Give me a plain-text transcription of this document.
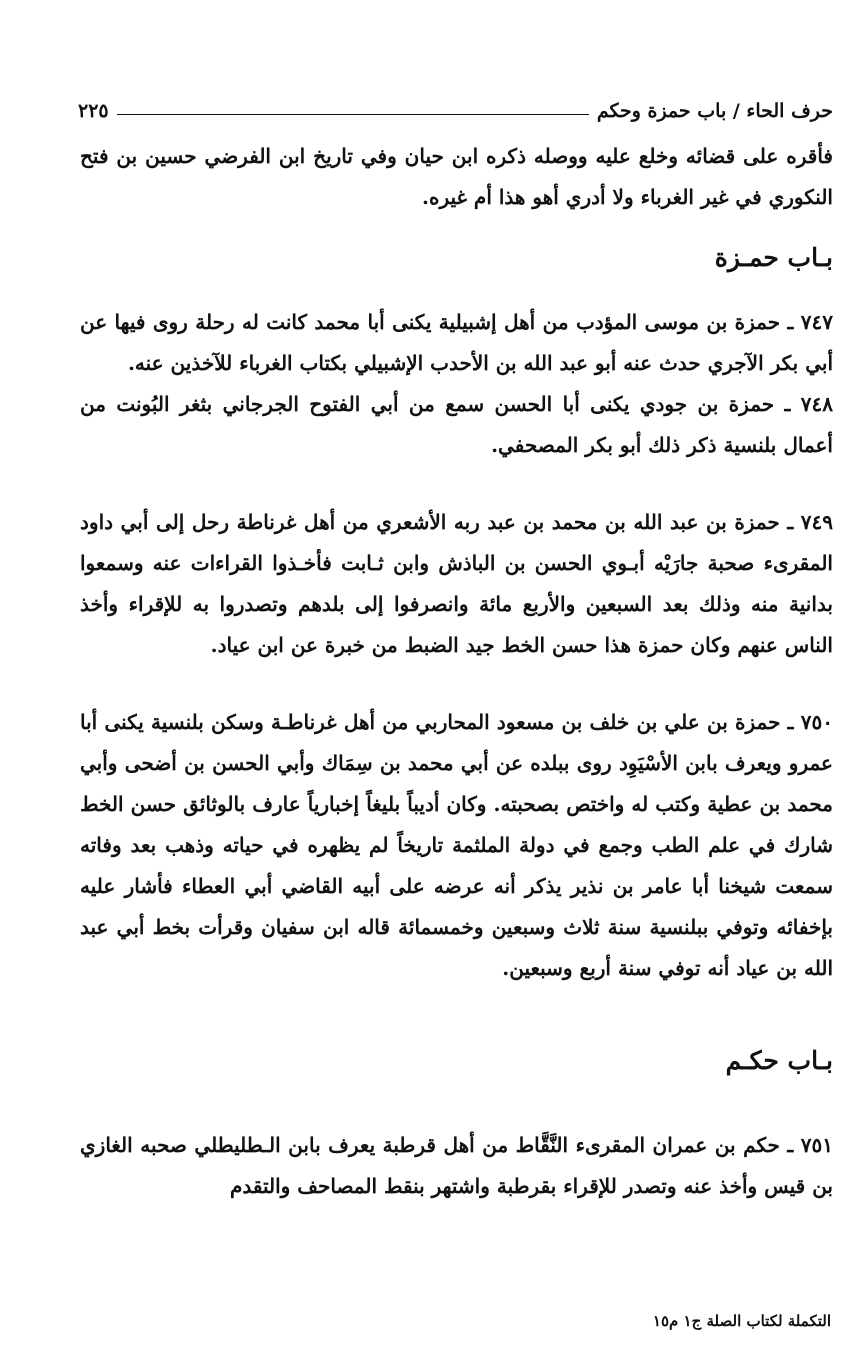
حرف الحاء / باب حمزة وحكم
٢٢٥

فأقره على قضائه وخلع عليه ووصله ذكره ابن حيان وفي تاريخ ابن الفرضي حسين بن فتح النكوري في غير الغرباء ولا أدري أهو هذا أم غيره.

بـاب حمـزة

٧٤٧ ـ حمزة بن موسى المؤدب من أهل إشبيلية يكنى أبا محمد كانت له رحلة روى فيها عن أبي بكر الآجري حدث عنه أبو عبد الله بن الأحدب الإشبيلي بكتاب الغرباء للآخذين عنه.

٧٤٨ ـ حمزة بن جودي يكنى أبا الحسن سمع من أبي الفتوح الجرجاني بثغر البُونت من أعمال بلنسية ذكر ذلك أبو بكر المصحفي.

٧٤٩ ـ حمزة بن عبد الله بن محمد بن عبد ربه الأشعري من أهل غرناطة رحل إلى أبي داود المقرىء صحبة جارَيْه أبـوي الحسن بن الباذش وابن ثـابت فأخـذوا القراءات عنه وسمعوا بدانية منه وذلك بعد السبعين والأربع مائة وانصرفوا إلى بلدهم وتصدروا به للإقراء وأخذ الناس عنهم وكان حمزة هذا حسن الخط جيد الضبط من خبرة عن ابن عياد.

٧٥٠ ـ حمزة بن علي بن خلف بن مسعود المحاربي من أهل غرناطـة وسكن بلنسية يكنى أبا عمرو ويعرف بابن الأسْيَوِد روى ببلده عن أبي محمد بن سِمَاك وأبي الحسن بن أضحى وأبي محمد بن عطية وكتب له واختص بصحبته. وكان أديباً بليغاً إخبارياً عارف بالوثائق حسن الخط شارك في علم الطب وجمع في دولة الملثمة تاريخاً لم يظهره في حياته وذهب بعد وفاته سمعت شيخنا أبا عامر بن نذير يذكر أنه عرضه على أبيه القاضي أبي العطاء فأشار عليه بإخفائه وتوفي ببلنسية سنة ثلاث وسبعين وخمسمائة قاله ابن سفيان وقرأت بخط أبي عبد الله بن عياد أنه توفي سنة أربع وسبعين.

بـاب حكـم

٧٥١ ـ حكم بن عمران المقرىء النَّقَّاط من أهل قرطبة يعرف بابن الـطليطلي صحبه الغازي بن قيس وأخذ عنه وتصدر للإقراء بقرطبة واشتهر بنقط المصاحف والتقدم

التكملة لكتاب الصلة ج١ م١٥
